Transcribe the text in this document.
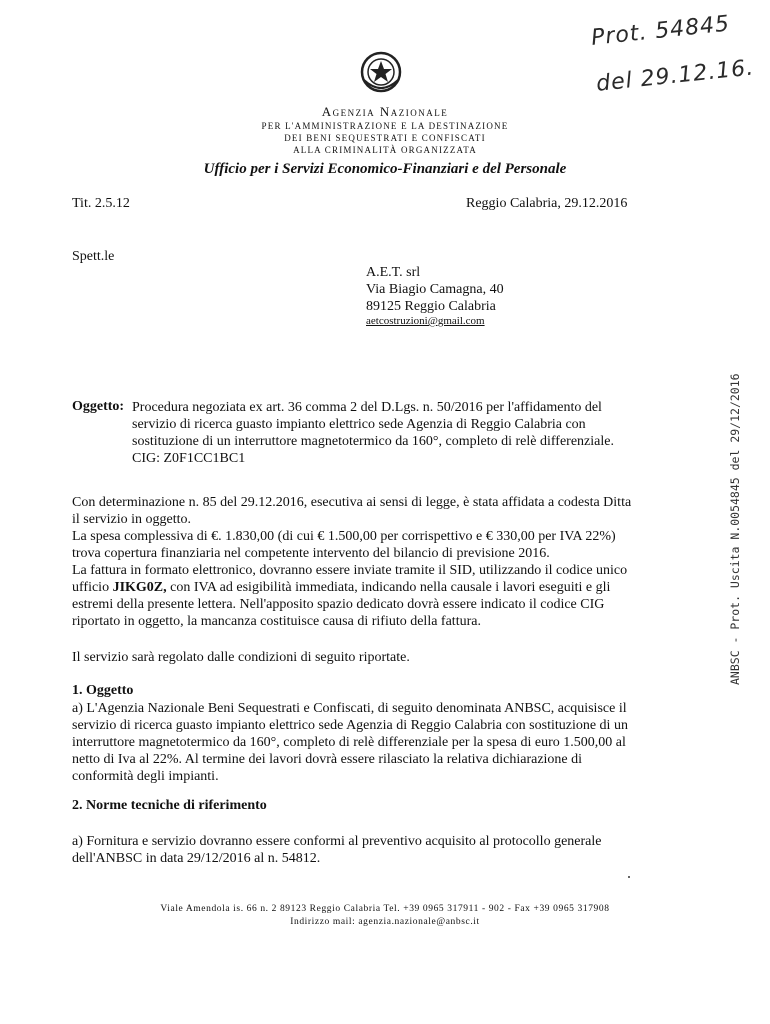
Prot. 54845
del 29.12.16.
Agenzia Nazionale
PER L'AMMINISTRAZIONE E LA DESTINAZIONE
DEI BENI SEQUESTRATI E CONFISCATI
ALLA CRIMINALITÀ ORGANIZZATA
Ufficio per i Servizi Economico-Finanziari e del Personale
Tit. 2.5.12	Reggio Calabria, 29.12.2016
Spett.le
A.E.T. srl
Via Biagio Camagna, 40
89125 Reggio Calabria
aetcostruzioni@gmail.com
ANBSC - Prot. Uscita N.0054845 del 29/12/2016
Oggetto: Procedura negoziata ex art. 36 comma 2 del D.Lgs. n. 50/2016 per l'affidamento del

servizio di ricerca guasto impianto elettrico sede Agenzia di Reggio Calabria con

sostituzione di un interruttore magnetotermico da 160°, completo di relè differenziale.

CIG: Z0F1CC1BC1

Con determinazione n. 85 del 29.12.2016, esecutiva ai sensi di legge, è stata affidata a codesta Ditta

il servizio in oggetto.

La spesa complessiva di €. 1.830,00 (di cui € 1.500,00 per corrispettivo e € 330,00 per IVA 22%)

trova copertura finanziaria nel competente intervento del bilancio di previsione 2016.

La fattura in formato elettronico, dovranno essere inviate tramite il SID, utilizzando il codice unico

ufficio JIKG0Z, con IVA ad esigibilità immediata, indicando nella causale i lavori eseguiti e gli

estremi della presente lettera. Nell'apposito spazio dedicato dovrà essere indicato il codice CIG

riportato in oggetto, la mancanza costituisce causa di rifiuto della fattura.

Il servizio sarà regolato dalle condizioni di seguito riportate.
1. Oggetto

a) L'Agenzia Nazionale Beni Sequestrati e Confiscati, di seguito denominata ANBSC, acquisisce il

servizio di ricerca guasto impianto elettrico sede Agenzia di Reggio Calabria con sostituzione di un

interruttore magnetotermico da 160°, completo di relè differenziale per la spesa di euro 1.500,00 al

netto di Iva al 22%. Al termine dei lavori dovrà essere rilasciato la relativa dichiarazione di

conformità degli impianti.

2. Norme tecniche di riferimento

a) Fornitura e servizio dovranno essere conformi al preventivo acquisito al protocollo generale

dell'ANBSC in data 29/12/2016 al n. 54812.

Viale Amendola is. 66 n. 2 89123 Reggio Calabria Tel. +39 0965 317911 - 902 - Fax +39 0965 317908
Indirizzo mail: agenzia.nazionale@anbsc.it
